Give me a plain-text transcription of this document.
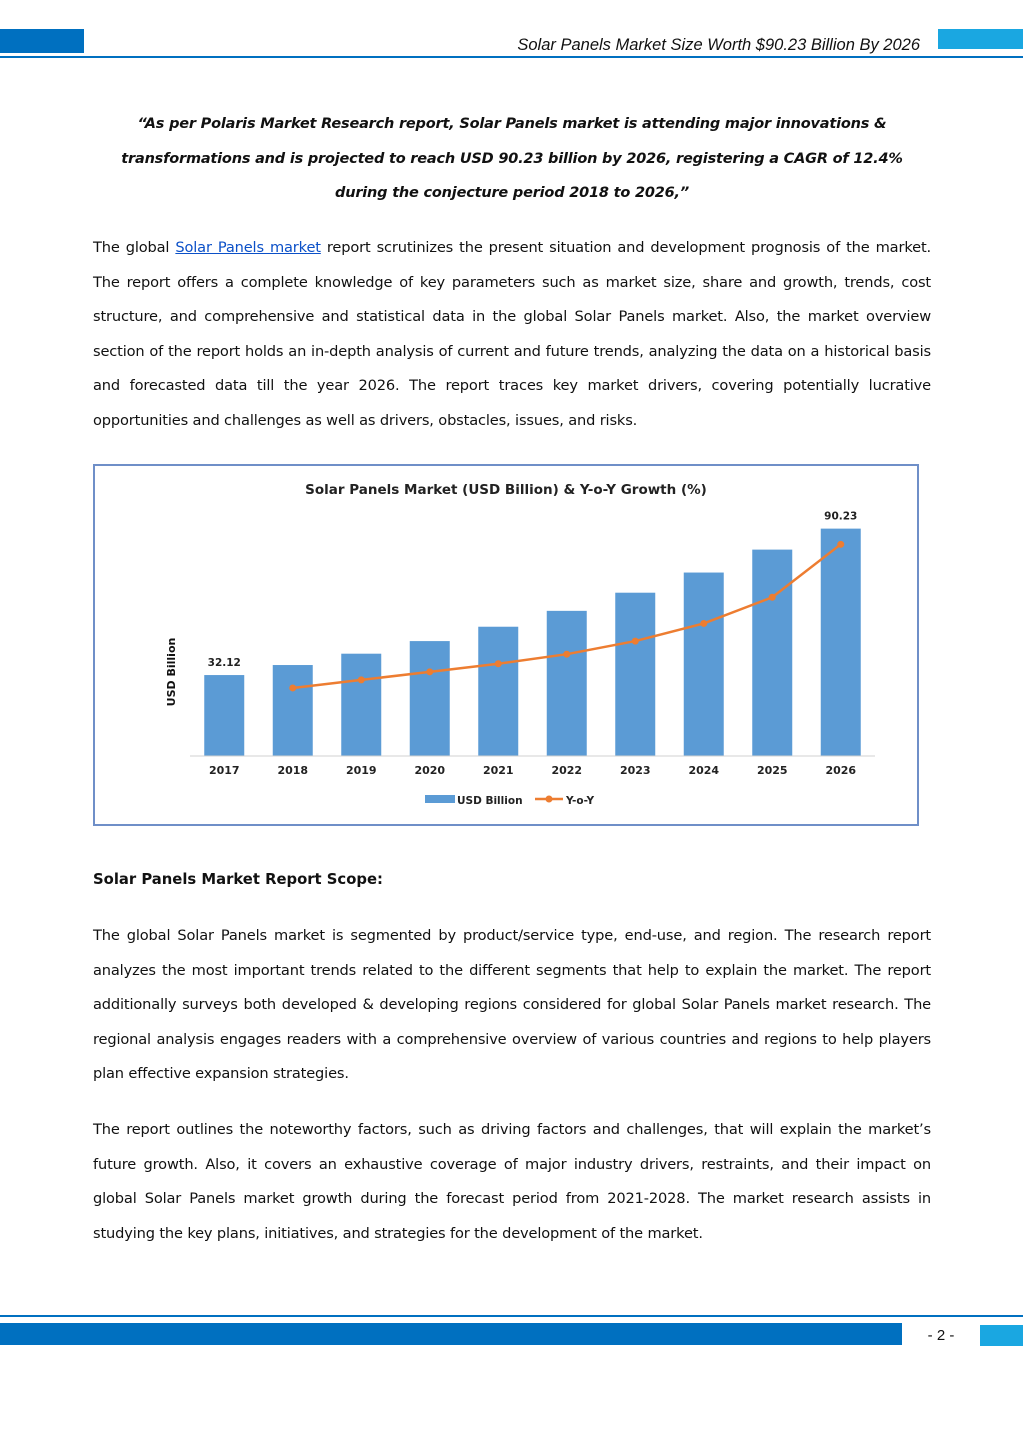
Solar Panels Market Size Worth $90.23 Billion By 2026
“As per Polaris Market Research report, Solar Panels market is attending major innovations & transformations and is projected to reach USD 90.23 billion by 2026, registering a CAGR of 12.4% during the conjecture period 2018 to 2026,”
The global Solar Panels market report scrutinizes the present situation and development prognosis of the market. The report offers a complete knowledge of key parameters such as market size, share and growth, trends, cost structure, and comprehensive and statistical data in the global Solar Panels market. Also, the market overview section of the report holds an in-depth analysis of current and future trends, analyzing the data on a historical basis and forecasted data till the year 2026. The report traces key market drivers, covering potentially lucrative opportunities and challenges as well as drivers, obstacles, issues, and risks.
Solar Panels Market (USD Billion) & Y-o-Y Growth (%)
USD Billion
2017	2018	2019	2020	2021	2022	2023	2024	2025	2026
32.12
90.23
USD Billion	Y-o-Y
Solar Panels Market Report Scope:
The global Solar Panels market is segmented by product/service type, end-use, and region. The research report analyzes the most important trends related to the different segments that help to explain the market. The report additionally surveys both developed & developing regions considered for global Solar Panels market research. The regional analysis engages readers with a comprehensive overview of various countries and regions to help players plan effective expansion strategies.
The report outlines the noteworthy factors, such as driving factors and challenges, that will explain the market’s future growth. Also, it covers an exhaustive coverage of major industry drivers, restraints, and their impact on global Solar Panels market growth during the forecast period from 2021-2028. The market research assists in studying the key plans, initiatives, and strategies for the development of the market.
- 2 -
